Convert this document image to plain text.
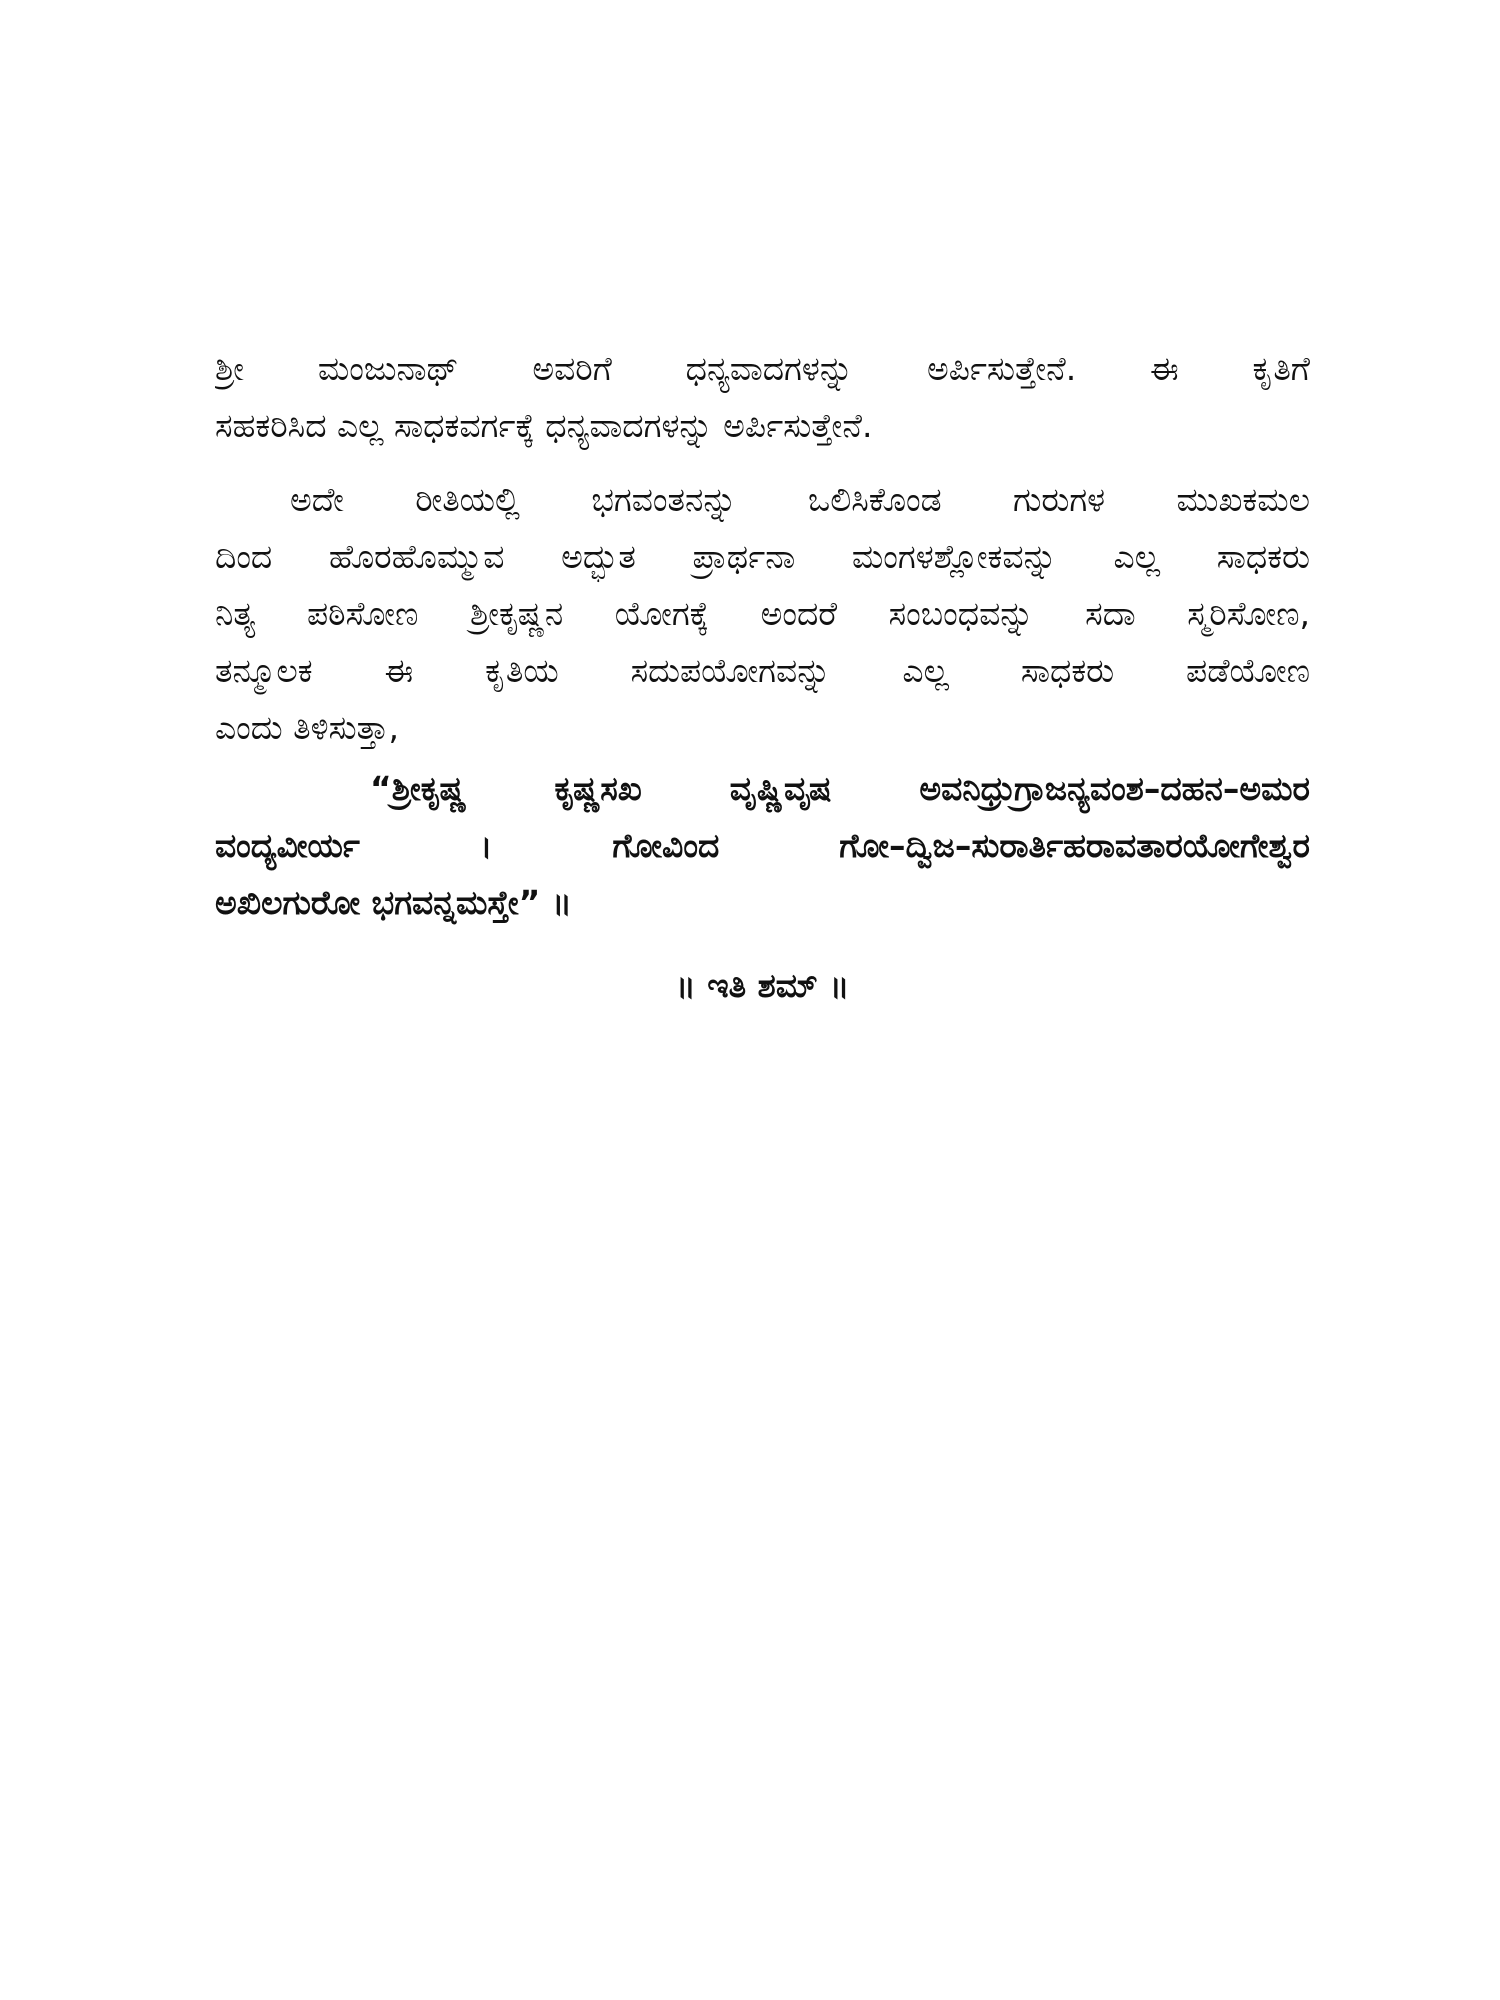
ಶ್ರೀ ಮಂಜುನಾಥ್ ಅವರಿಗೆ ಧನ್ಯವಾದಗಳನ್ನು ಅರ್ಪಿಸುತ್ತೇನೆ. ಈ ಕೃತಿಗೆ
ಸಹಕರಿಸಿದ ಎಲ್ಲ ಸಾಧಕವರ್ಗಕ್ಕೆ ಧನ್ಯವಾದಗಳನ್ನು ಅರ್ಪಿಸುತ್ತೇನೆ.
ಅದೇ ರೀತಿಯಲ್ಲಿ ಭಗವಂತನನ್ನು ಒಲಿಸಿಕೊಂಡ ಗುರುಗಳ ಮುಖಕಮಲ
ದಿಂದ ಹೊರಹೊಮ್ಮುವ ಅದ್ಭುತ ಪ್ರಾರ್ಥನಾ ಮಂಗಳಶ್ಲೋಕವನ್ನು ಎಲ್ಲ ಸಾಧಕರು
ನಿತ್ಯ ಪಠಿಸೋಣ ಶ್ರೀಕೃಷ್ಣನ ಯೋಗಕ್ಕೆ ಅಂದರೆ ಸಂಬಂಧವನ್ನು ಸದಾ ಸ್ಮರಿಸೋಣ,
ತನ್ಮೂಲಕ ಈ ಕೃತಿಯ ಸದುಪಯೋಗವನ್ನು ಎಲ್ಲ ಸಾಧಕರು ಪಡೆಯೋಣ
ಎಂದು ತಿಳಿಸುತ್ತಾ,
“ಶ್ರೀಕೃಷ್ಣ ಕೃಷ್ಣಸಖ ವೃಷ್ಣಿವೃಷ ಅವನಿಧ್ರುಗ್ರಾಜನ್ಯವಂಶ–ದಹನ–ಅಮರ
ವಂದ್ಯವೀರ್ಯ । ಗೋವಿಂದ ಗೋ–ದ್ವಿಜ–ಸುರಾರ್ತಿಹರಾವತಾರಯೋಗೇಶ್ವರ
ಅಖಿಲಗುರೋ ಭಗವನ್ನಮಸ್ತೇ” ॥
॥ ಇತಿ ಶಮ್ ॥
